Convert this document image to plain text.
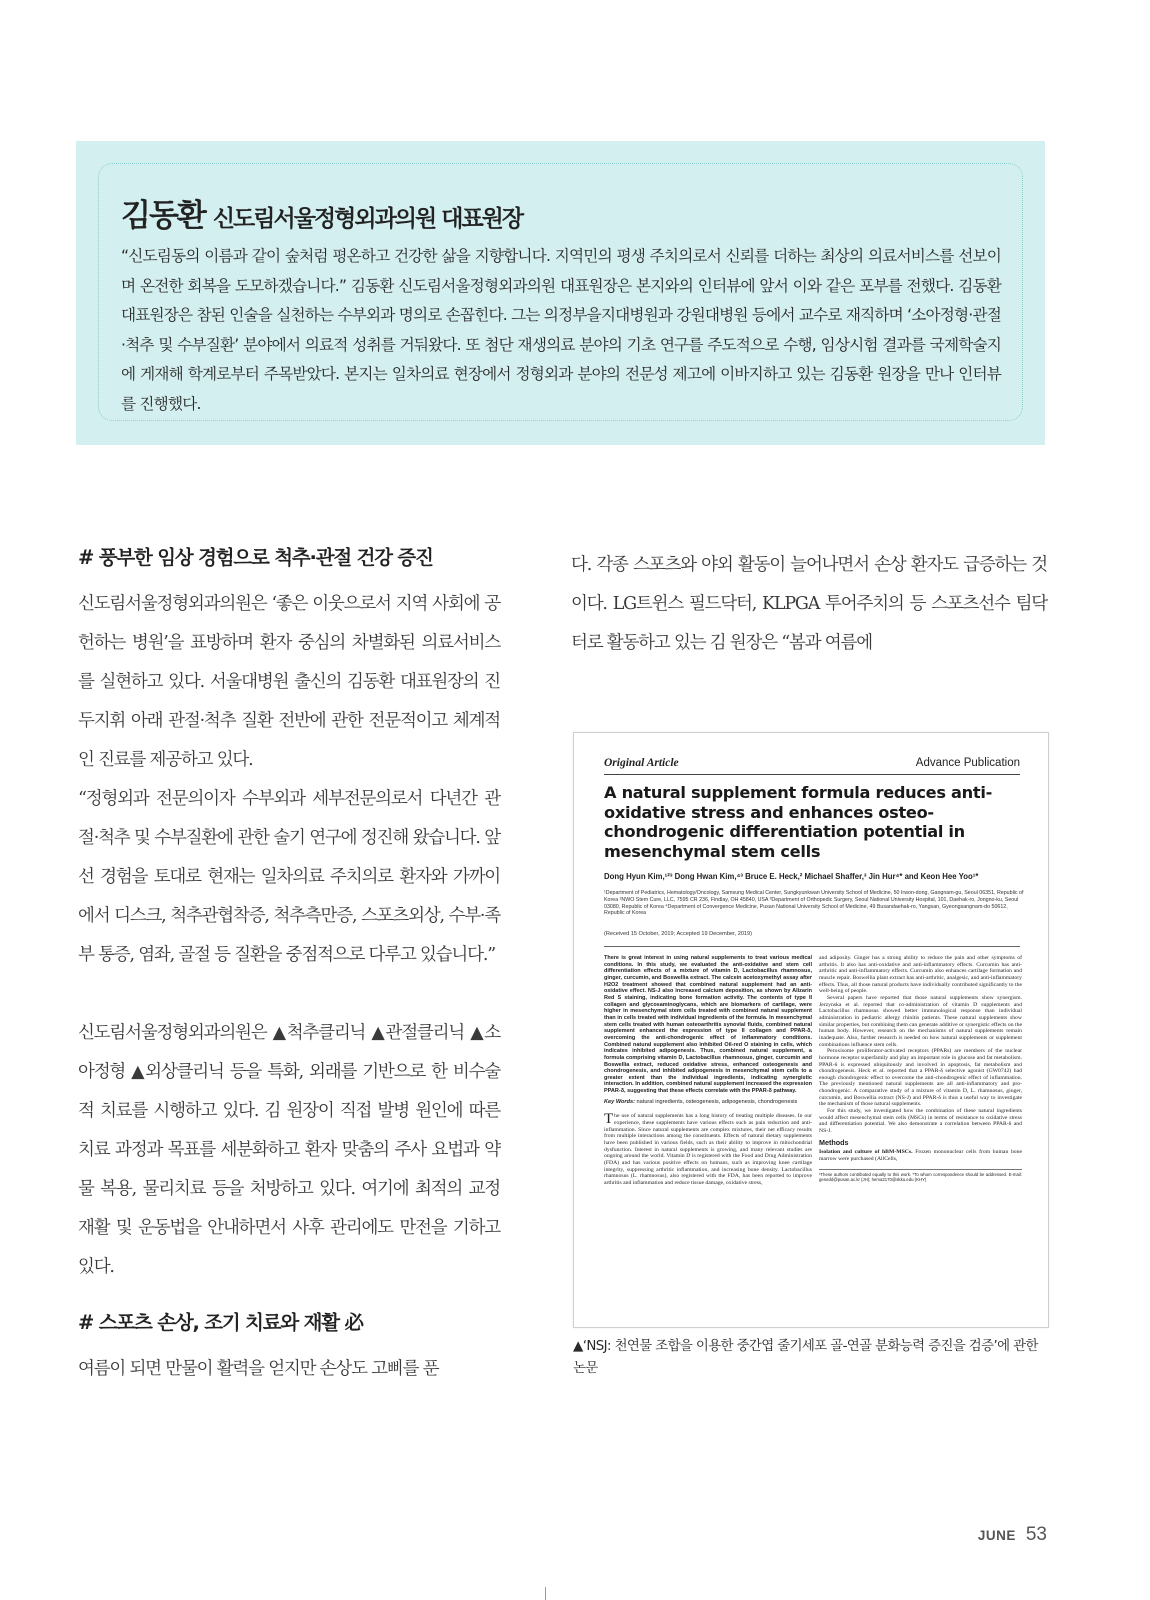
김동환 신도림서울정형외과의원 대표원장
“신도림동의 이름과 같이 숲처럼 평온하고 건강한 삶을 지향합니다. 지역민의 평생 주치의로서 신뢰를 더하는 최상의 의료서비스를 선보이며 온전한 회복을 도모하겠습니다.” 김동환 신도림서울정형외과의원 대표원장은 본지와의 인터뷰에 앞서 이와 같은 포부를 전했다. 김동환 대표원장은 참된 인술을 실천하는 수부외과 명의로 손꼽힌다. 그는 의정부을지대병원과 강원대병원 등에서 교수로 재직하며 ‘소아정형·관절·척추 및 수부질환’ 분야에서 의료적 성취를 거둬왔다. 또 첨단 재생의료 분야의 기초 연구를 주도적으로 수행, 임상시험 결과를 국제학술지에 게재해 학계로부터 주목받았다. 본지는 일차의료 현장에서 정형외과 분야의 전문성 제고에 이바지하고 있는 김동환 원장을 만나 인터뷰를 진행했다.

# 풍부한 임상 경험으로 척추·관절 건강 증진

신도림서울정형외과의원은 ‘좋은 이웃으로서 지역 사회에 공헌하는 병원’을 표방하며 환자 중심의 차별화된 의료서비스를 실현하고 있다. 서울대병원 출신의 김동환 대표원장의 진두지휘 아래 관절·척추 질환 전반에 관한 전문적이고 체계적인 진료를 제공하고 있다.

“정형외과 전문의이자 수부외과 세부전문의로서 다년간 관절·척추 및 수부질환에 관한 술기 연구에 정진해 왔습니다. 앞선 경험을 토대로 현재는 일차의료 주치의로 환자와 가까이에서 디스크, 척추관협착증, 척추측만증, 스포츠외상, 수부·족부 통증, 염좌, 골절 등 질환을 중점적으로 다루고 있습니다.”

신도림서울정형외과의원은 ▲척추클리닉 ▲관절클리닉 ▲소아정형 ▲외상클리닉 등을 특화, 외래를 기반으로 한 비수술적 치료를 시행하고 있다. 김 원장이 직접 발병 원인에 따른 치료 과정과 목표를 세분화하고 환자 맞춤의 주사 요법과 약물 복용, 물리치료 등을 처방하고 있다. 여기에 최적의 교정 재활 및 운동법을 안내하면서 사후 관리에도 만전을 기하고 있다.

# 스포츠 손상, 조기 치료와 재활 必

여름이 되면 만물이 활력을 얻지만 손상도 고삐를 푼

다. 각종 스포츠와 야외 활동이 늘어나면서 손상 환자도 급증하는 것이다. LG트윈스 필드닥터, KLPGA 투어주치의 등 스포츠선수 팀닥터로 활동하고 있는 김 원장은 “봄과 여름에

Original Article	Advance Publication
A natural supplement formula reduces anti-oxidative stress and enhances osteo-chondrogenic differentiation potential in mesenchymal stem cells
Dong Hyun Kim,¹²³ Dong Hwan Kim,⁴³ Bruce E. Heck,² Michael Shaffer,³ Jin Hur⁴* and Keon Hee Yoo¹*
¹Department of Pediatrics, Hematology/Oncology, Samsung Medical Center, Sungkyunkwan University School of Medicine, 50 Irwon-dong, Gangnam-gu, Seoul 06351, Republic of Korea ²NWO Stem Cure, LLC, 7595 CR 236, Findlay, OH 45840, USA ³Department of Orthopedic Surgery, Seoul National University Hospital, 101, Daehak-ro, Jongno-ku, Seoul 03080, Republic of Korea ⁴Department of Convergence Medicine, Pusan National University School of Medicine, 49 Busandaehak-ro, Yangsan, Gyeongsangnam-do 50612, Republic of Korea
(Received 15 October, 2019; Accepted 19 December, 2019)
There is great interest in using natural supplements to treat various medical conditions. In this study, we evaluated the anti-oxidative and stem cell differentiation effects of a mixture of vitamin D, Lactobacillus rhamnosus, ginger, curcumin, and Boswellia extract. The calcein acetoxymethyl assay after H2O2 treatment showed that combined natural supplement had an anti-oxidative effect. NS-J also increased calcium deposition, as shown by Alizarin Red S staining, indicating bone formation activity. The contents of type II collagen and glycosaminoglycans, which are biomarkers of cartilage, were higher in mesenchymal stem cells treated with combined natural supplement than in cells treated with individual ingredients of the formula. In mesenchymal stem cells treated with human osteoarthritis synovial fluids, combined natural supplement enhanced the expression of type II collagen and PPAR-δ, overcoming the anti-chondrogenic effect of inflammatory conditions. Combined natural supplement also inhibited Oil-red O staining in cells, which indicates inhibited adipogenesis. Thus, combined natural supplement, a formula comprising vitamin D, Lactobacillus rhamnosus, ginger, curcumin and Boswellia extract, reduced oxidative stress, enhanced osteogenesis and chondrogenesis, and inhibited adipogenesis in mesenchymal stem cells to a greater extent than the individual ingredients, indicating synergistic interaction. In addition, combined natural supplement increased the expression PPAR-δ, suggesting that these effects correlate with the PPAR-δ pathway.
Key Words: natural ingredients, osteogenesis, adipogenesis, chondrogenesis
The use of natural supplements has a long history of treating multiple diseases. In our experience, these supplements have various effects such as pain reduction and anti-inflammation. Since natural supplements are complex mixtures, their net efficacy results from multiple interactions among the constituents. Effects of natural dietary supplements have been published in various fields, such as their ability to improve in mitochondrial dysfunction. Interest in natural supplements is growing, and many relevant studies are ongoing around the world. Vitamin D is registered with the Food and Drug Administration (FDA) and has various positive effects on humans, such as improving knee cartilage integrity, suppressing arthritic inflammation, and increasing bone density. Lactobacillus rhamnosus (L. rhamnosus), also registered with the FDA, has been reported to improve arthritis and inflammation and reduce tissue damage, oxidative stress,
and adiposity. Ginger has a strong ability to reduce the pain and other symptoms of arthritis. It also has anti-oxidative and anti-inflammatory effects. Curcumin has anti-arthritic and anti-inflammatory effects. Curcumin also enhances cartilage formation and muscle repair. Boswellia plant extract has anti-arthritic, analgesic, and anti-inflammatory effects. Thus, all those natural products have individually contributed significantly to the well-being of people.
Several papers have reported that those natural supplements show synergism. Jerzynska et al. reported that co-administration of vitamin D supplements and Lactobacillus rhamnosus showed better immunological response than individual administration in pediatric allergy rhinitis patients. These natural supplements show similar properties, but combining them can generate additive or synergistic effects on the human body. However, research on the mechanisms of natural supplements remain inadequate. Also, further research is needed on how natural supplements or supplement combinations influence stem cells.
Peroxisome proliferator-activated receptors (PPARs) are members of the nuclear hormone receptor superfamily and play an important role in glucose and fat metabolism. PPAR-δ is expressed ubiquitously and involved in apoptosis, fat metabolism and chondrogenesis. Heck et al. reported that a PPAR-δ selective agonist (GW0742) had enough chondrogenic effect to overcome the anti-chondrogenic effect of inflammation. The previously mentioned natural supplements are all anti-inflammatory and pro-chondrogenic. A comparative study of a mixture of vitamin D, L. rhamnosus, ginger, curcumin, and Boswellia extract (NS-J) and PPAR-δ is thus a useful way to investigate the mechanism of those natural supplements.
For this study, we investigated how the combination of these natural ingredients would affect mesenchymal stem cells (MSCs) in terms of resistance to oxidative stress and differentiation potential. We also demonstrate a correlation between PPAR-δ and NS-J.
Methods
Isolation and culture of hBM-MSCs. Frozen mononuclear cells from human bone marrow were purchased (AllCells,
¹These authors contributed equally to this work. *To whom correspondence should be addressed. E-mail: genedd@pusan.ac.kr (JH); hema2170@skku.edu (KHY)
▲‘NSJ: 천연물 조합을 이용한 중간엽 줄기세포 골-연골 분화능력 증진을 검증’에 관한 논문
JUNE 53
